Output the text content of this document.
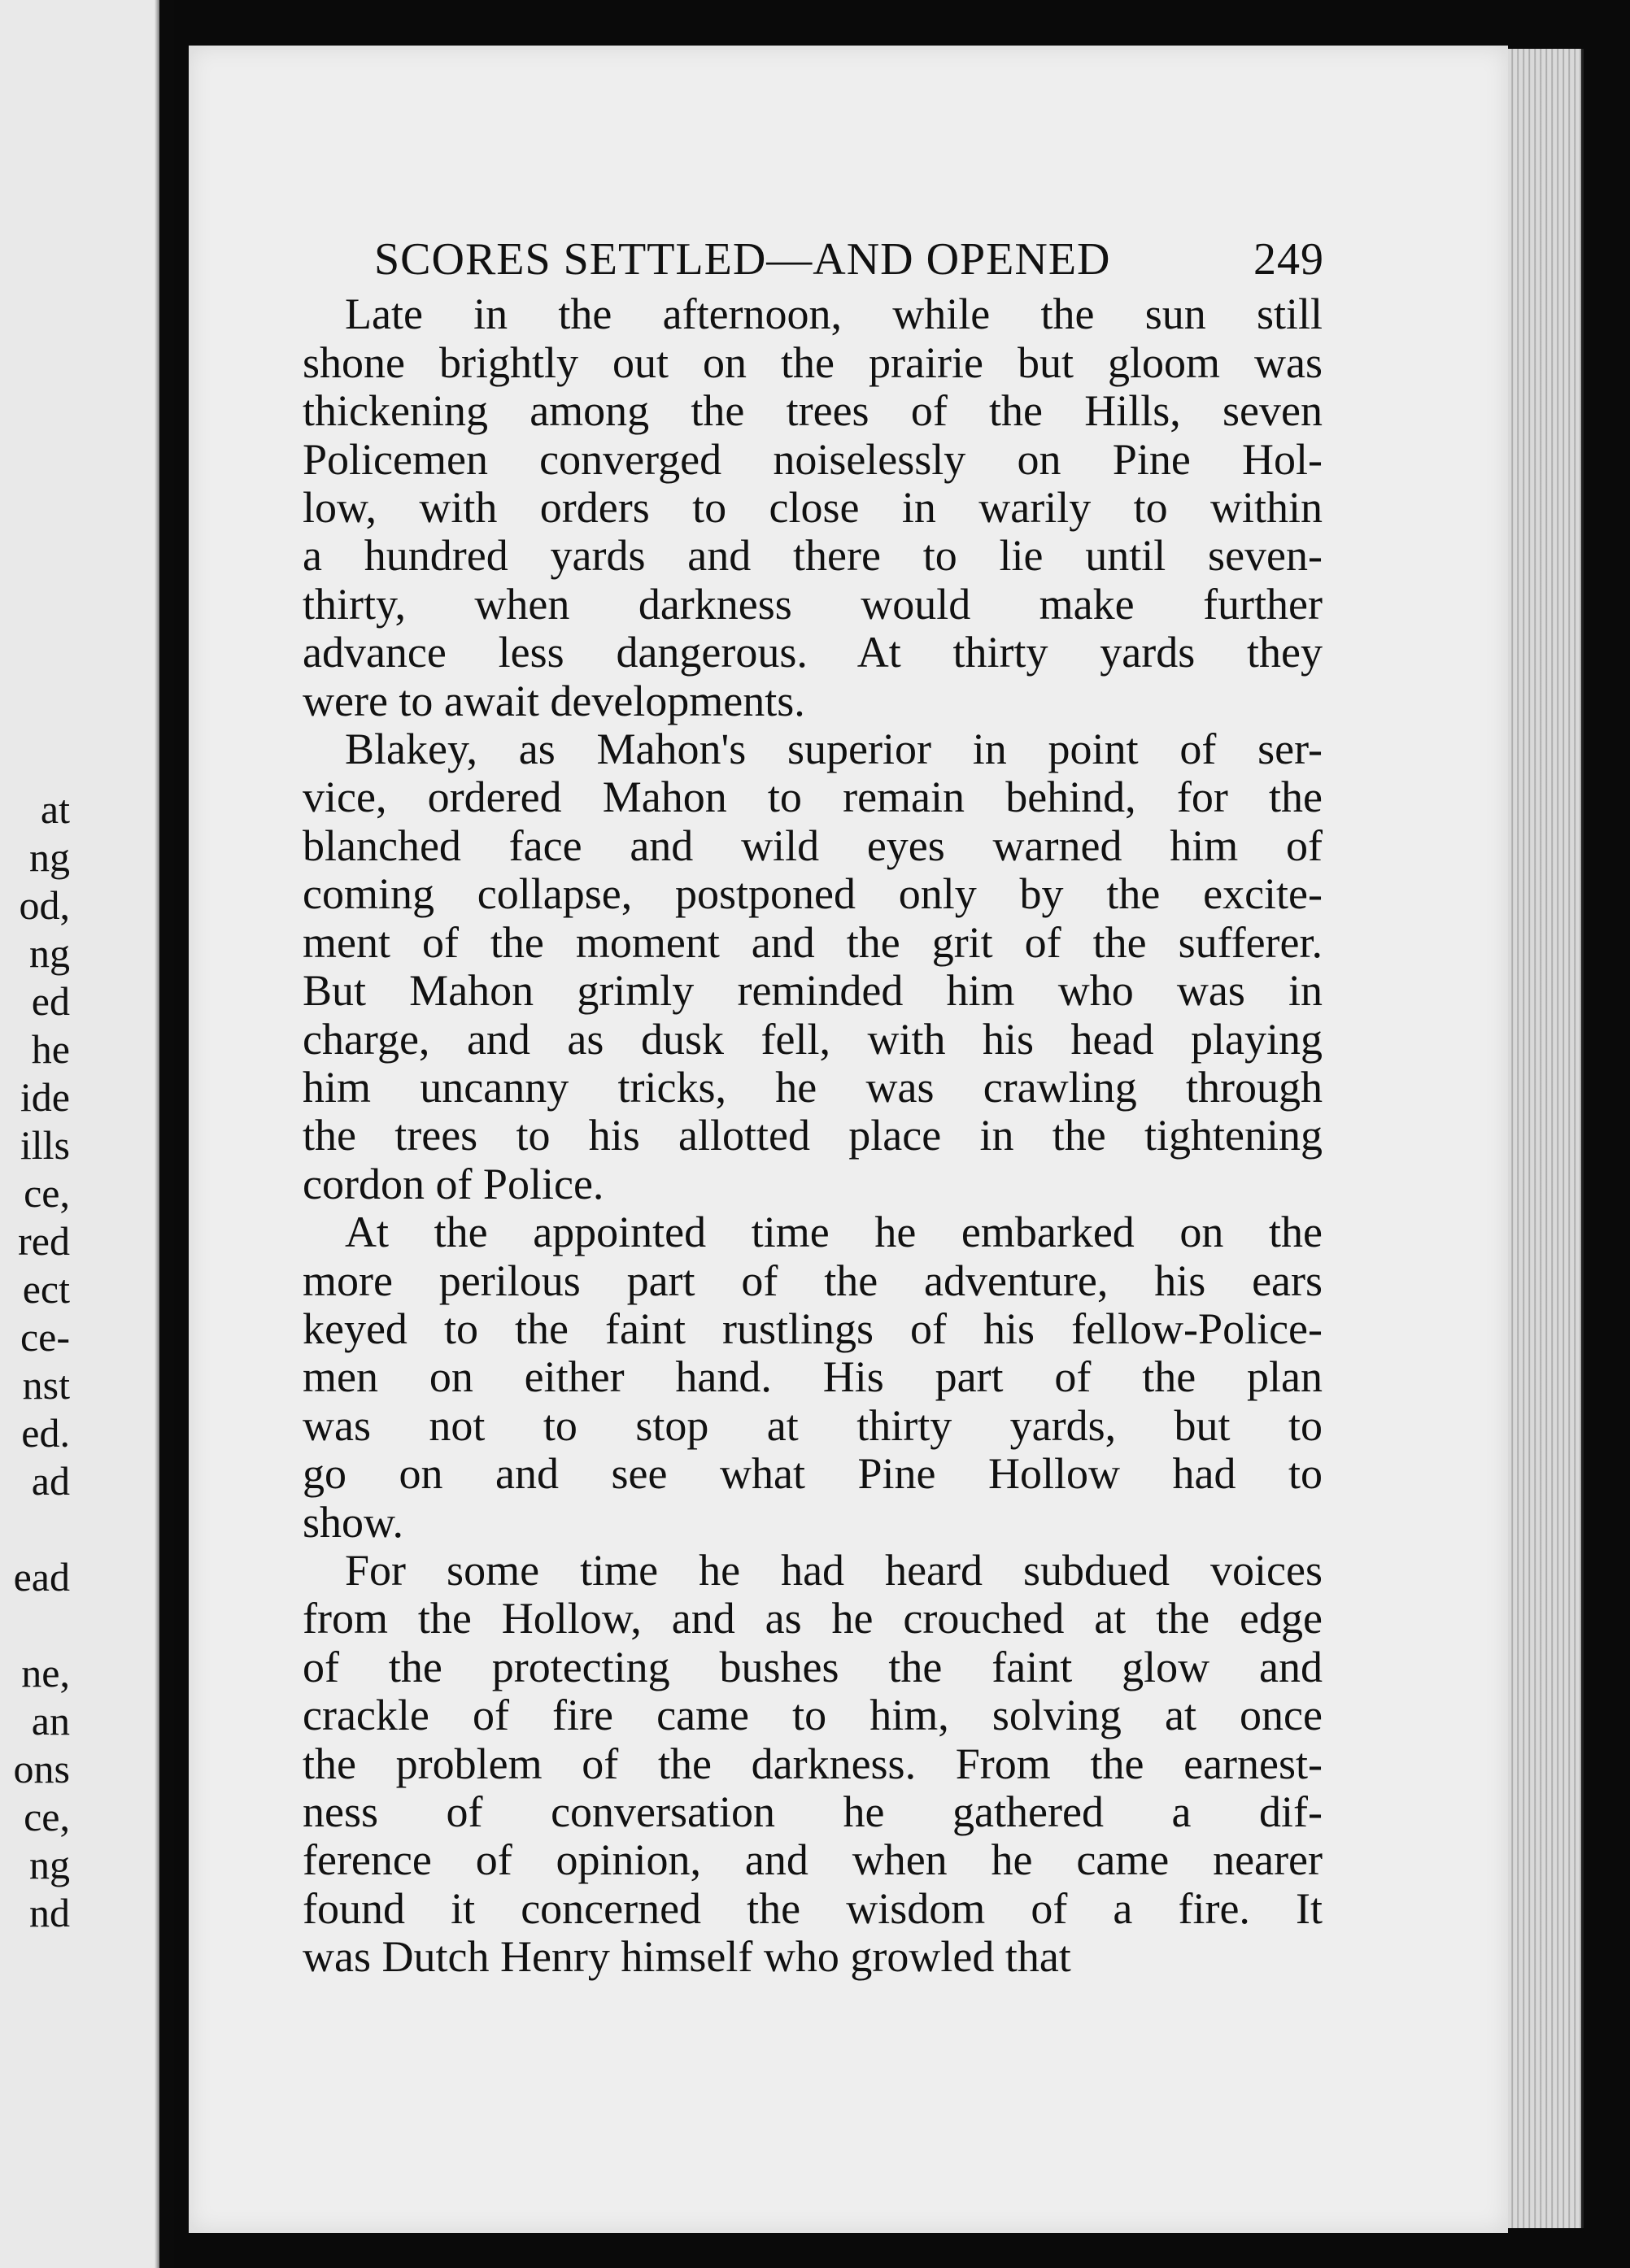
at
ng
od,
ng
ed
he
ide
ills
ce,
red
ect
ce-
nst
ed.
ad
ead
ne,
an
ons
ce,
ng
nd
SCORES SETTLED—AND OPENED	249

Late in the afternoon, while the sun still
shone brightly out on the prairie but gloom was
thickening among the trees of the Hills, seven
Policemen converged noiselessly on Pine Hol-
low, with orders to close in warily to within
a hundred yards and there to lie until seven-
thirty, when darkness would make further
advance less dangerous. At thirty yards they
were to await developments.

Blakey, as Mahon's superior in point of ser-
vice, ordered Mahon to remain behind, for the
blanched face and wild eyes warned him of
coming collapse, postponed only by the excite-
ment of the moment and the grit of the sufferer.
But Mahon grimly reminded him who was in
charge, and as dusk fell, with his head playing
him uncanny tricks, he was crawling through
the trees to his allotted place in the tightening
cordon of Police.

At the appointed time he embarked on the
more perilous part of the adventure, his ears
keyed to the faint rustlings of his fellow-Police-
men on either hand. His part of the plan
was not to stop at thirty yards, but to
go on and see what Pine Hollow had to
show.

For some time he had heard subdued voices
from the Hollow, and as he crouched at the edge
of the protecting bushes the faint glow and
crackle of fire came to him, solving at once
the problem of the darkness. From the earnest-
ness of conversation he gathered a dif-
ference of opinion, and when he came nearer
found it concerned the wisdom of a fire. It
was Dutch Henry himself who growled that
